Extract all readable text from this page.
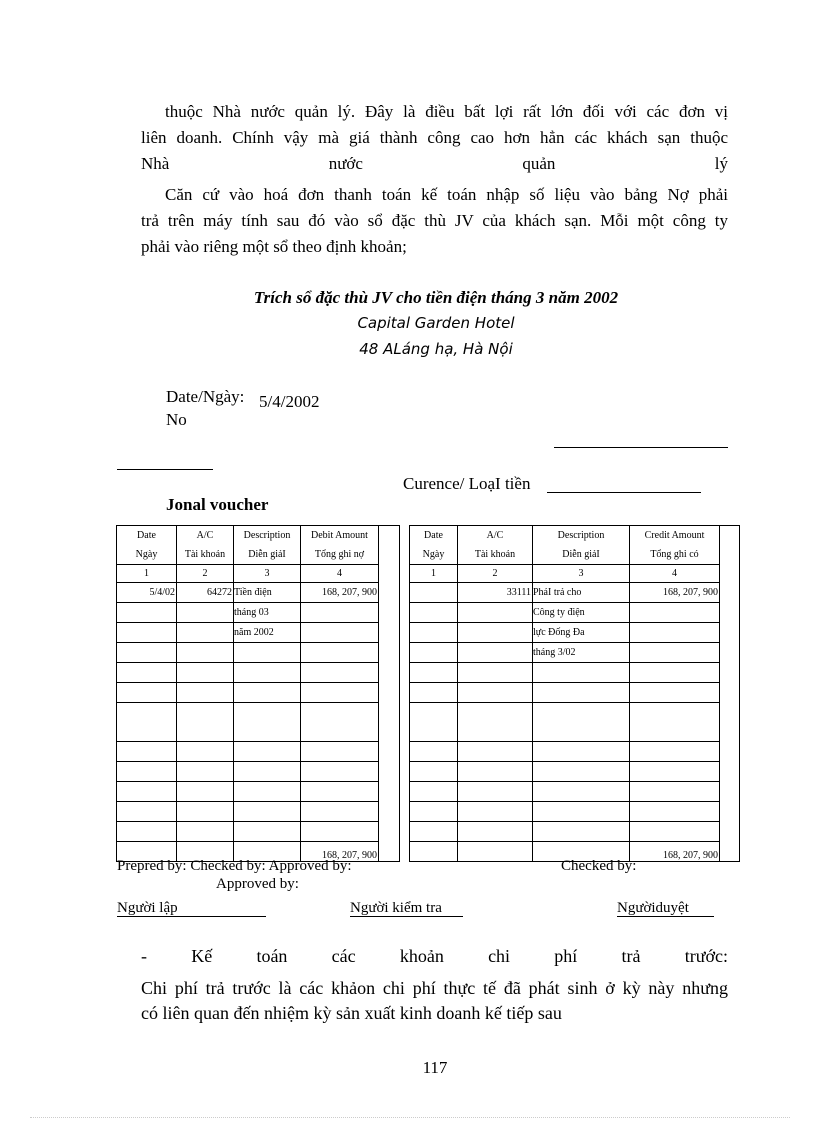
thuộc Nhà nước quản lý. Đây là điều bất lợi rất lớn đối với các đơn vị
liên doanh. Chính vậy mà giá thành công cao hơn hẳn các khách sạn thuộc
Nhà	nước	quản	lý
Căn cứ vào hoá đơn thanh toán kế toán nhập số liệu vào bảng Nợ phải
trả trên máy tính sau đó vào sổ đặc thù JV của khách sạn. Mỗi một công ty
phải vào riêng một sổ theo định khoản;
Trích sổ đặc thù JV cho tiền điện tháng 3 năm 2002
Capital Garden Hotel
48 ALáng hạ, Hà Nội
Date/Ngày: 5/4/2002
No
Curence/ LoạI tiền
Jonal voucher
Date	A/C	Description	Debit Amount	
Ngày	Tài khoản	Diễn giảI	Tổng ghi nợ	
1	2	3	4	
5/4/02	64272	Tiền điện	168, 207, 900	
		tháng 03		
		năm 2002		

			168, 207, 900	
Date	A/C	Description	Credit Amount	
Ngày	Tài khoản	Diễn giảI	Tổng ghi có	
1	2	3	4	
	33111	PhảI trả cho	168, 207, 900	
		Công ty điện		
		lực Đống Đa		
		tháng 3/02		

			168, 207, 900	
Prepred by: Checked by: Approved by:
Approved by:
Checked by:
Người lập	Người kiểm tra	Ngườiduyệt
- Kế toán các khoản chi phí trả trước:
Chi phí trả trước là các khảon chi phí thực tế đã phát sinh ở kỳ này nhưng
có liên quan đến nhiệm kỳ sản xuất kinh doanh kế tiếp sau
117
